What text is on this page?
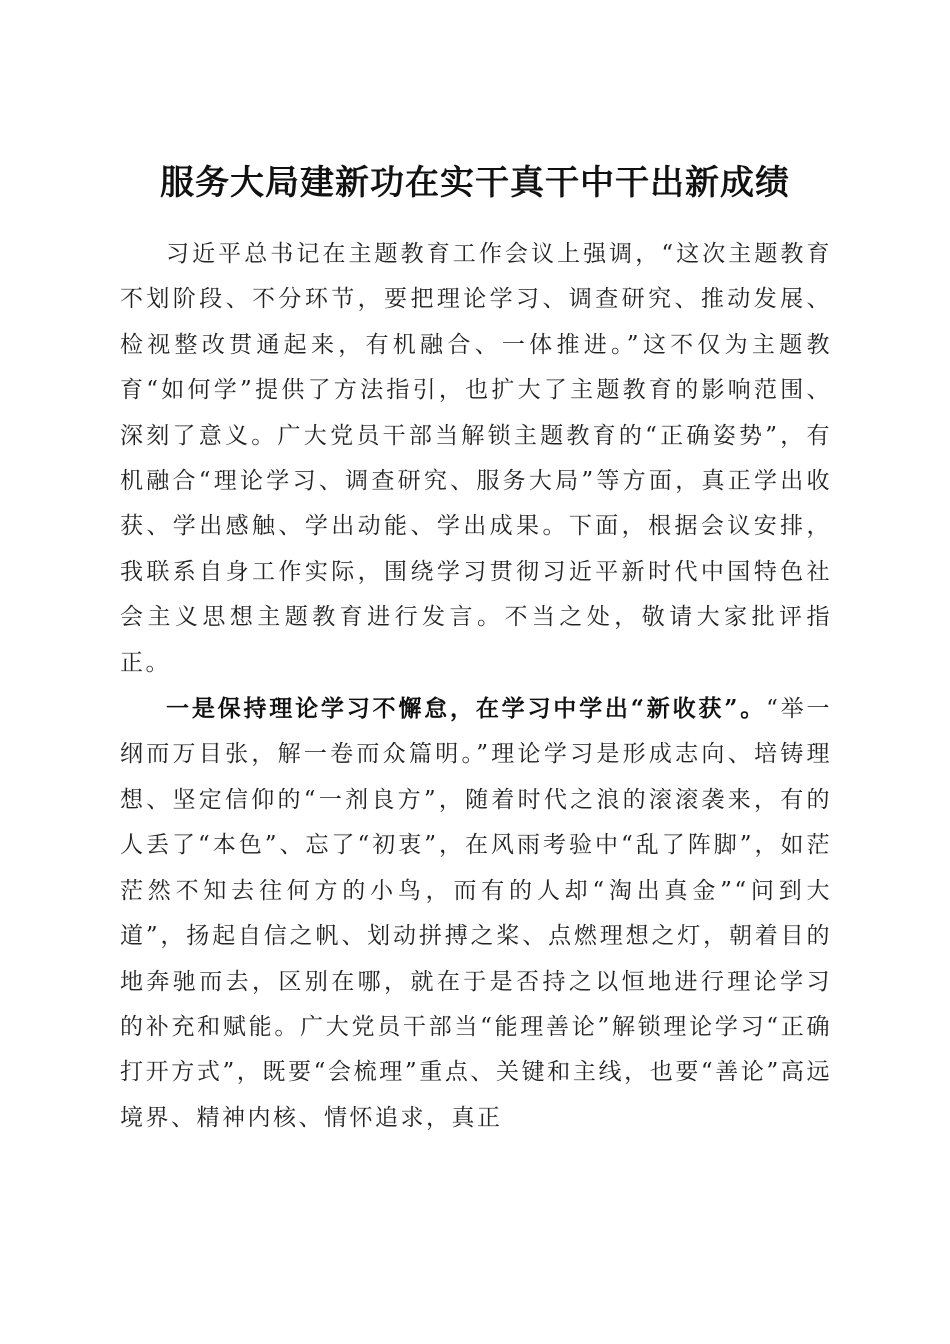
服务大局建新功在实干真干中干出新成绩

习近平总书记在主题教育工作会议上强调，“这次主题教育不划阶段、不分环节，要把理论学习、调查研究、推动发展、检视整改贯通起来，有机融合、一体推进。”这不仅为主题教育“如何学”提供了方法指引，也扩大了主题教育的影响范围、深刻了意义。广大党员干部当解锁主题教育的“正确姿势”，有机融合“理论学习、调查研究、服务大局”等方面，真正学出收获、学出感触、学出动能、学出成果。下面，根据会议安排，我联系自身工作实际，围绕学习贯彻习近平新时代中国特色社会主义思想主题教育进行发言。不当之处，敬请大家批评指正。

一是保持理论学习不懈怠，在学习中学出“新收获”。“举一纲而万目张，解一卷而众篇明。”理论学习是形成志向、培铸理想、坚定信仰的“一剂良方”，随着时代之浪的滚滚袭来，有的人丢了“本色”、忘了“初衷”，在风雨考验中“乱了阵脚”，如茫茫然不知去往何方的小鸟，而有的人却“淘出真金”“问到大道”，扬起自信之帆、划动拼搏之桨、点燃理想之灯，朝着目的地奔驰而去，区别在哪，就在于是否持之以恒地进行理论学习的补充和赋能。广大党员干部当“能理善论”解锁理论学习“正确打开方式”，既要“会梳理”重点、关键和主线，也要“善论”高远境界、精神内核、情怀追求，真正
